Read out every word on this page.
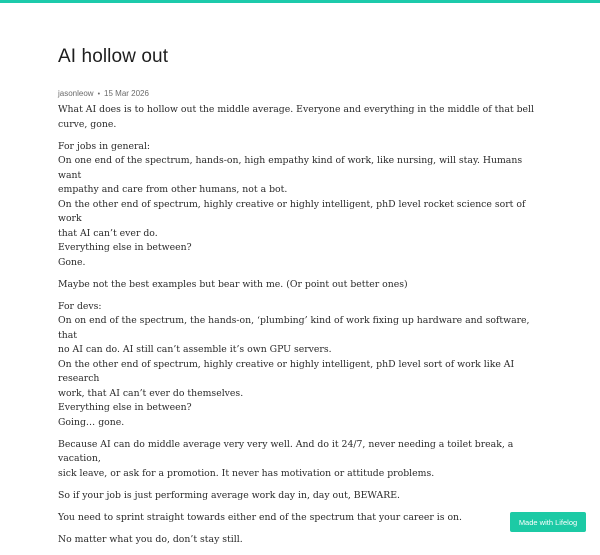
AI hollow out
jasonleow • 15 Mar 2026

What AI does is to hollow out the middle average. Everyone and everything in the middle of that bell
curve, gone.

For jobs in general:
On one end of the spectrum, hands-on, high empathy kind of work, like nursing, will stay. Humans want
empathy and care from other humans, not a bot.
On the other end of spectrum, highly creative or highly intelligent, phD level rocket science sort of work
that AI can’t ever do.
Everything else in between?
Gone.

Maybe not the best examples but bear with me. (Or point out better ones)

For devs:
On on end of the spectrum, the hands-on, ‘plumbing’ kind of work fixing up hardware and software, that
no AI can do. AI still can’t assemble it’s own GPU servers.
On the other end of spectrum, highly creative or highly intelligent, phD level sort of work like AI research
work, that AI can’t ever do themselves.
Everything else in between?
Going… gone.

Because AI can do middle average very very well. And do it 24/7, never needing a toilet break, a vacation,
sick leave, or ask for a promotion. It never has motivation or attitude problems.

So if your job is just performing average work day in, day out, BEWARE.

You need to sprint straight towards either end of the spectrum that your career is on.

No matter what you do, don’t stay still.

Made with Lifelog
